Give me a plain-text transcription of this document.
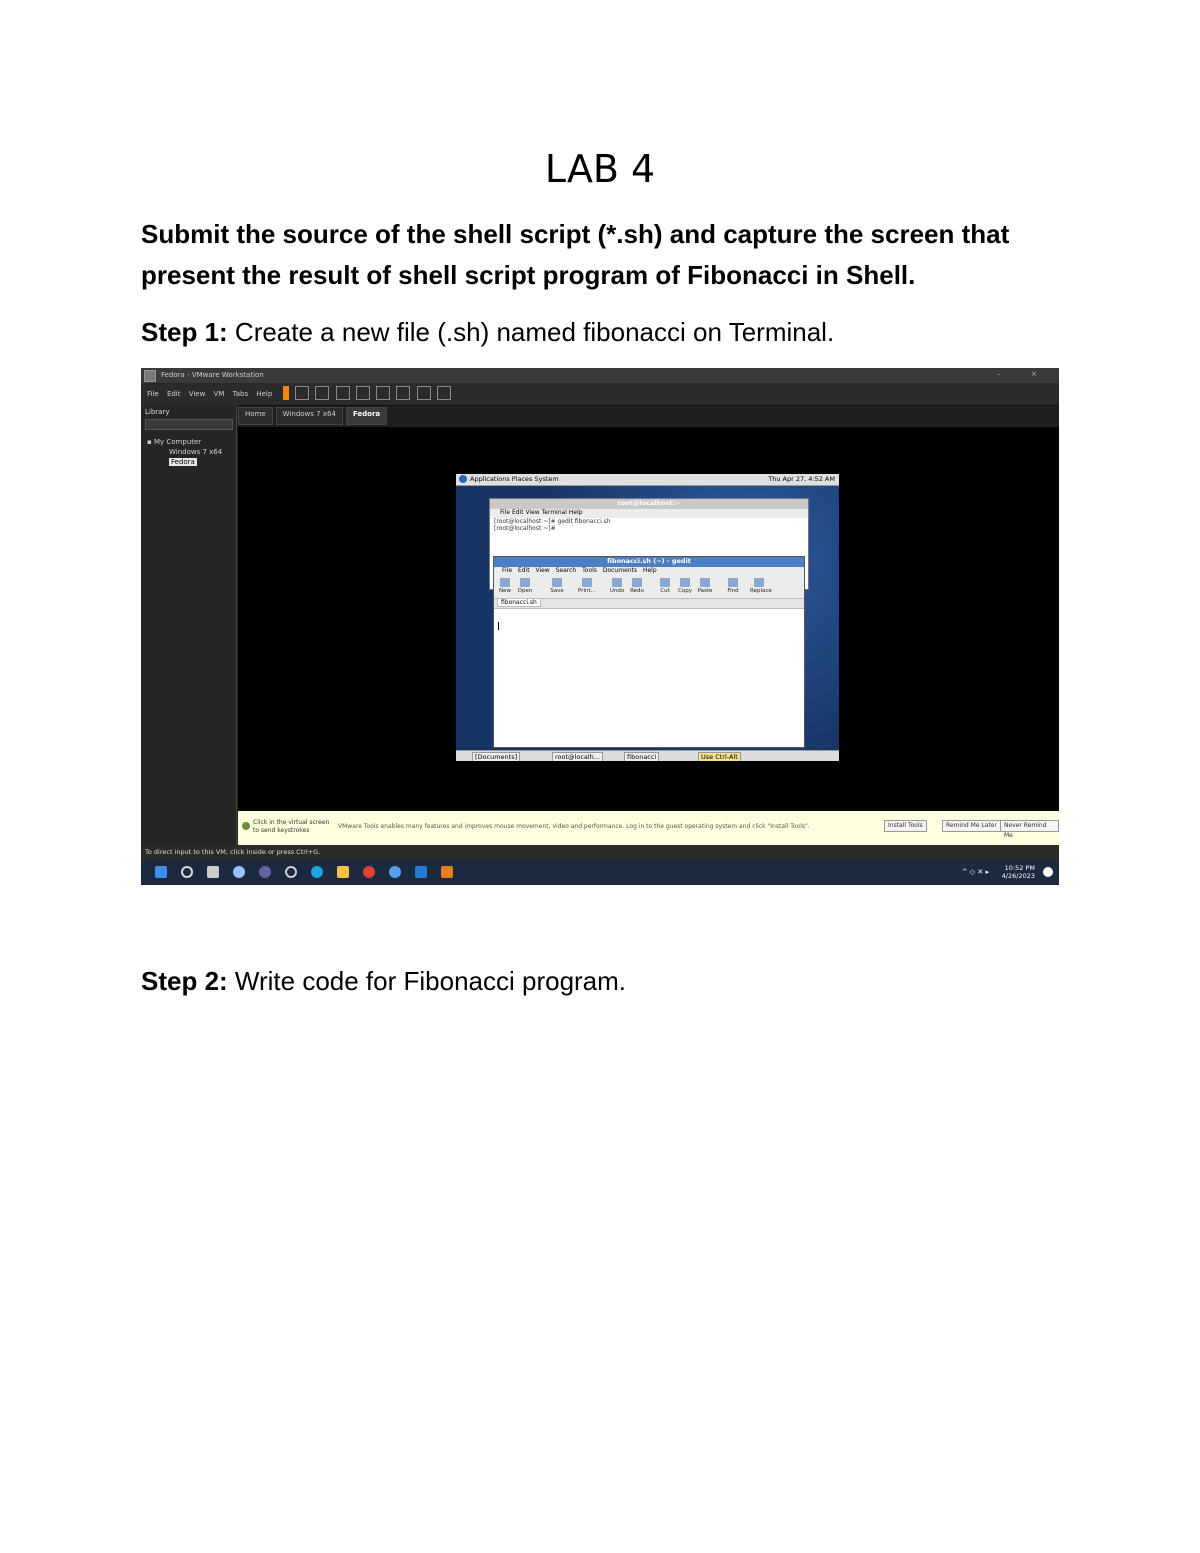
LAB 4

Submit the source of the shell script (*.sh) and capture the screen that present the result of shell script program of Fibonacci in Shell.

Step 1: Create a new file (.sh) named fibonacci on Terminal.

Fedora - VMware Workstation	– ×
File Edit View VM Tabs Help

Library
▪ My Computer
Windows 7 x64
Fedora
Home Windows 7 x64 Fedora
Applications Places System	Thu Apr 27, 4:52 AM
root@localhost:~
File Edit View Terminal Help
[root@localhost ~]# gedit fibonacci.sh
[root@localhost ~]#
fibonacci.sh (~) - gedit
File Edit View Search Tools Documents Help
New	Open	Save	Print...	Undo	Redo	Cut	Copy	Paste	Find	Replace
fibonacci.sh
[Documents]	root@localh...	fibonacci	Use Ctrl-Alt
Click in the virtual screen to send keystrokes
VMware Tools enables many features and improves mouse movement, video and performance. Log in to the guest operating system and click "Install Tools".	Install Tools	Remind Me Later	Never Remind Me
To direct input to this VM, click inside or press Ctrl+G.
^ ◇ ✕ ▸	10:52 PM
4/26/2023

Step 2: Write code for Fibonacci program.
